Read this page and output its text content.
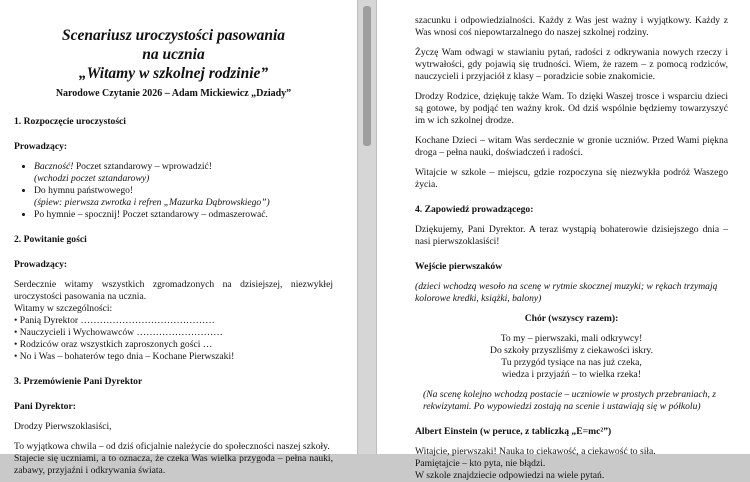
Scenariusz uroczystości pasowania

na ucznia

„Witamy w szkolnej rodzinie”

Narodowe Czytanie 2026 – Adam Mickiewicz „Dziady”

1. Rozpoczęcie uroczystości

Prowadzący:

• Baczność! Poczet sztandarowy – wprowadzić!
(wchodzi poczet sztandarowy)
• Do hymnu państwowego!
(śpiew: pierwsza zwrotka i refren „Mazurka Dąbrowskiego”)
• Po hymnie – spocznij! Poczet sztandarowy – odmaszerować.

2. Powitanie gości

Prowadzący:

Serdecznie witamy wszystkich zgromadzonych na dzisiejszej, niezwykłej uroczystości pasowania na ucznia.

Witamy w szczególności:

• Panią Dyrektor ……………………………………

• Nauczycieli i Wychowawców ………………………

• Rodziców oraz wszystkich zaproszonych gości …

• No i Was – bohaterów tego dnia – Kochane Pierwszaki!

3. Przemówienie Pani Dyrektor

Pani Dyrektor:

Drodzy Pierwszoklasiści,

To wyjątkowa chwila – od dziś oficjalnie należycie do społeczności naszej szkoły.

Stajecie się uczniami, a to oznacza, że czeka Was wielka przygoda – pełna nauki, zabawy, przyjaźni i odkrywania świata.

szacunku i odpowiedzialności. Każdy z Was jest ważny i wyjątkowy. Każdy z Was wnosi coś niepowtarzalnego do naszej szkolnej rodziny.

Życzę Wam odwagi w stawianiu pytań, radości z odkrywania nowych rzeczy i wytrwałości, gdy pojawią się trudności. Wiem, że razem – z pomocą rodziców, nauczycieli i przyjaciół z klasy – poradzicie sobie znakomicie.

Drodzy Rodzice, dziękuję także Wam. To dzięki Waszej trosce i wsparciu dzieci są gotowe, by podjąć ten ważny krok. Od dziś wspólnie będziemy towarzyszyć im w ich szkolnej drodze.

Kochane Dzieci – witam Was serdecznie w gronie uczniów. Przed Wami piękna droga – pełna nauki, doświadczeń i radości.

Witajcie w szkole – miejscu, gdzie rozpoczyna się niezwykła podróż Waszego życia.

4. Zapowiedź prowadzącego:

Dziękujemy, Pani Dyrektor. A teraz wystąpią bohaterowie dzisiejszego dnia – nasi pierwszoklasiści!

Wejście pierwszaków

(dzieci wchodzą wesoło na scenę w rytmie skocznej muzyki; w rękach trzymają kolorowe kredki, książki, balony)

Chór (wszyscy razem):

To my – pierwszaki, mali odkrywcy!
Do szkoły przyszliśmy z ciekawości iskry.
Tu przygód tysiące na nas już czeka,
wiedza i przyjaźń – to wielka rzeka!

(Na scenę kolejno wchodzą postacie – uczniowie w prostych przebraniach, z rekwizytami. Po wypowiedzi zostają na scenie i ustawiają się w półkolu)

Albert Einstein (w peruce, z tabliczką „E=mc²”)

Witajcie, pierwszaki! Nauka to ciekawość, a ciekawość to siła.

Pamiętajcie – kto pyta, nie błądzi.

W szkole znajdziecie odpowiedzi na wiele pytań.
